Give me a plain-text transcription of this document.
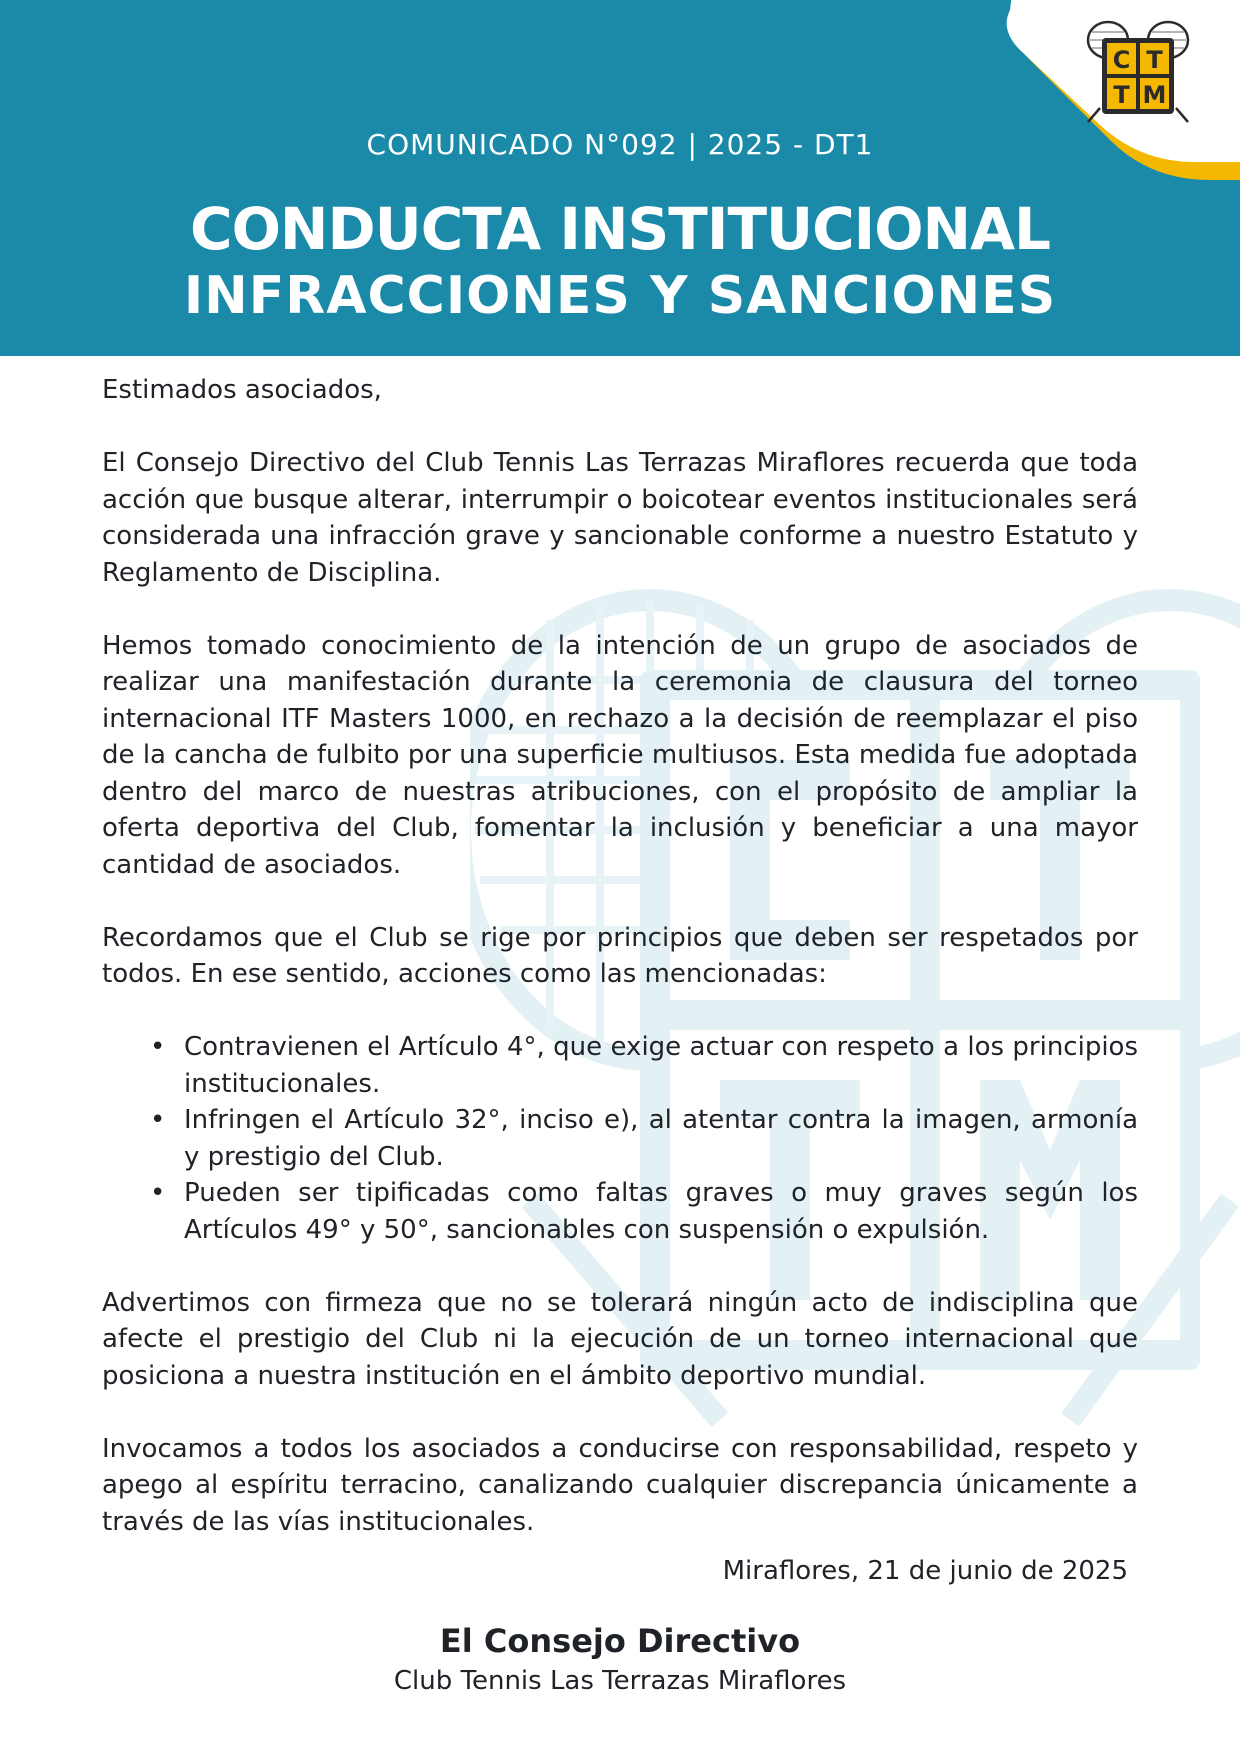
COMUNICADO N°092 | 2025 - DT1
CONDUCTA INSTITUCIONAL
INFRACCIONES Y SANCIONES
C T
T M

Estimados asociados,

El Consejo Directivo del Club Tennis Las Terrazas Miraflores recuerda que toda acción que busque alterar, interrumpir o boicotear eventos institucionales será considerada una infracción grave y sancionable conforme a nuestro Estatuto y Reglamento de Disciplina.

Hemos tomado conocimiento de la intención de un grupo de asociados de realizar una manifestación durante la ceremonia de clausura del torneo internacional ITF Masters 1000, en rechazo a la decisión de reemplazar el piso de la cancha de fulbito por una superficie multiusos. Esta medida fue adoptada dentro del marco de nuestras atribuciones, con el propósito de ampliar la oferta deportiva del Club, fomentar la inclusión y beneficiar a una mayor cantidad de asociados.

Recordamos que el Club se rige por principios que deben ser respetados por todos. En ese sentido, acciones como las mencionadas:

• Contravienen el Artículo 4°, que exige actuar con respeto a los principios institucionales.
• Infringen el Artículo 32°, inciso e), al atentar contra la imagen, armonía y prestigio del Club.
• Pueden ser tipificadas como faltas graves o muy graves según los Artículos 49° y 50°, sancionables con suspensión o expulsión.

Advertimos con firmeza que no se tolerará ningún acto de indisciplina que afecte el prestigio del Club ni la ejecución de un torneo internacional que posiciona a nuestra institución en el ámbito deportivo mundial.

Invocamos a todos los asociados a conducirse con responsabilidad, respeto y apego al espíritu terracino, canalizando cualquier discrepancia únicamente a través de las vías institucionales.

Miraflores, 21 de junio de 2025
El Consejo Directivo
Club Tennis Las Terrazas Miraflores
